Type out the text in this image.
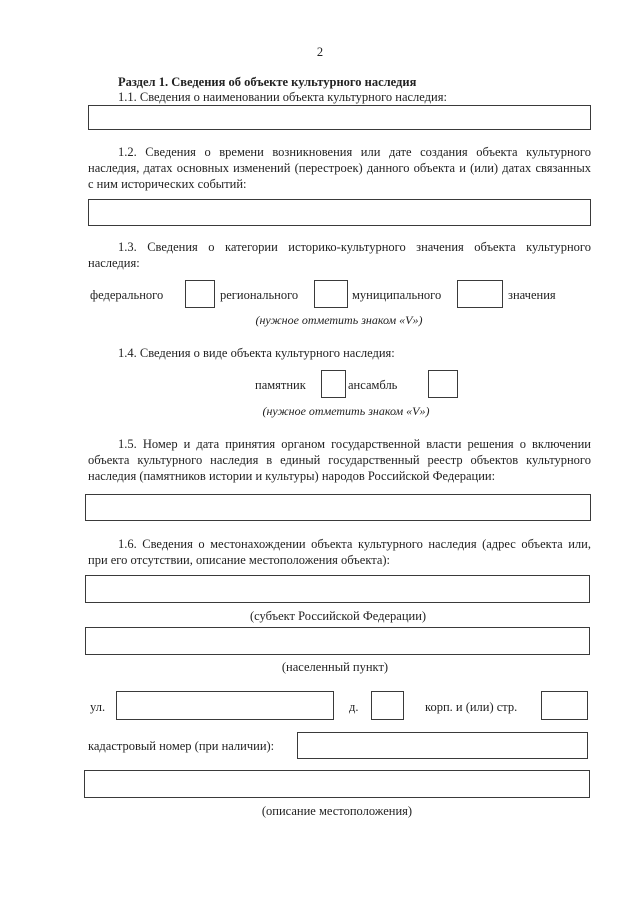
2
Раздел 1. Сведения об объекте культурного наследия
1.1. Сведения о наименовании объекта культурного наследия:
1.2. Сведения о времени возникновения или дате создания объекта культурного
наследия, датах основных изменений (перестроек) данного объекта и (или) датах связанных
с ним исторических событий:
1.3. Сведения о категории историко-культурного значения объекта культурного
наследия:
федерального	регионального	муниципального	значения
(нужное отметить знаком «V»)
1.4. Сведения о виде объекта культурного наследия:
памятник	ансамбль
(нужное отметить знаком «V»)
1.5. Номер и дата принятия органом государственной власти решения о включении
объекта культурного наследия в единый государственный реестр объектов культурного
наследия (памятников истории и культуры) народов Российской Федерации:
1.6. Сведения о местонахождении объекта культурного наследия (адрес объекта или,
при его отсутствии, описание местоположения объекта):
(субъект Российской Федерации)
(населенный пункт)
ул.	д.	корп. и (или) стр.
кадастровый номер (при наличии):
(описание местоположения)
